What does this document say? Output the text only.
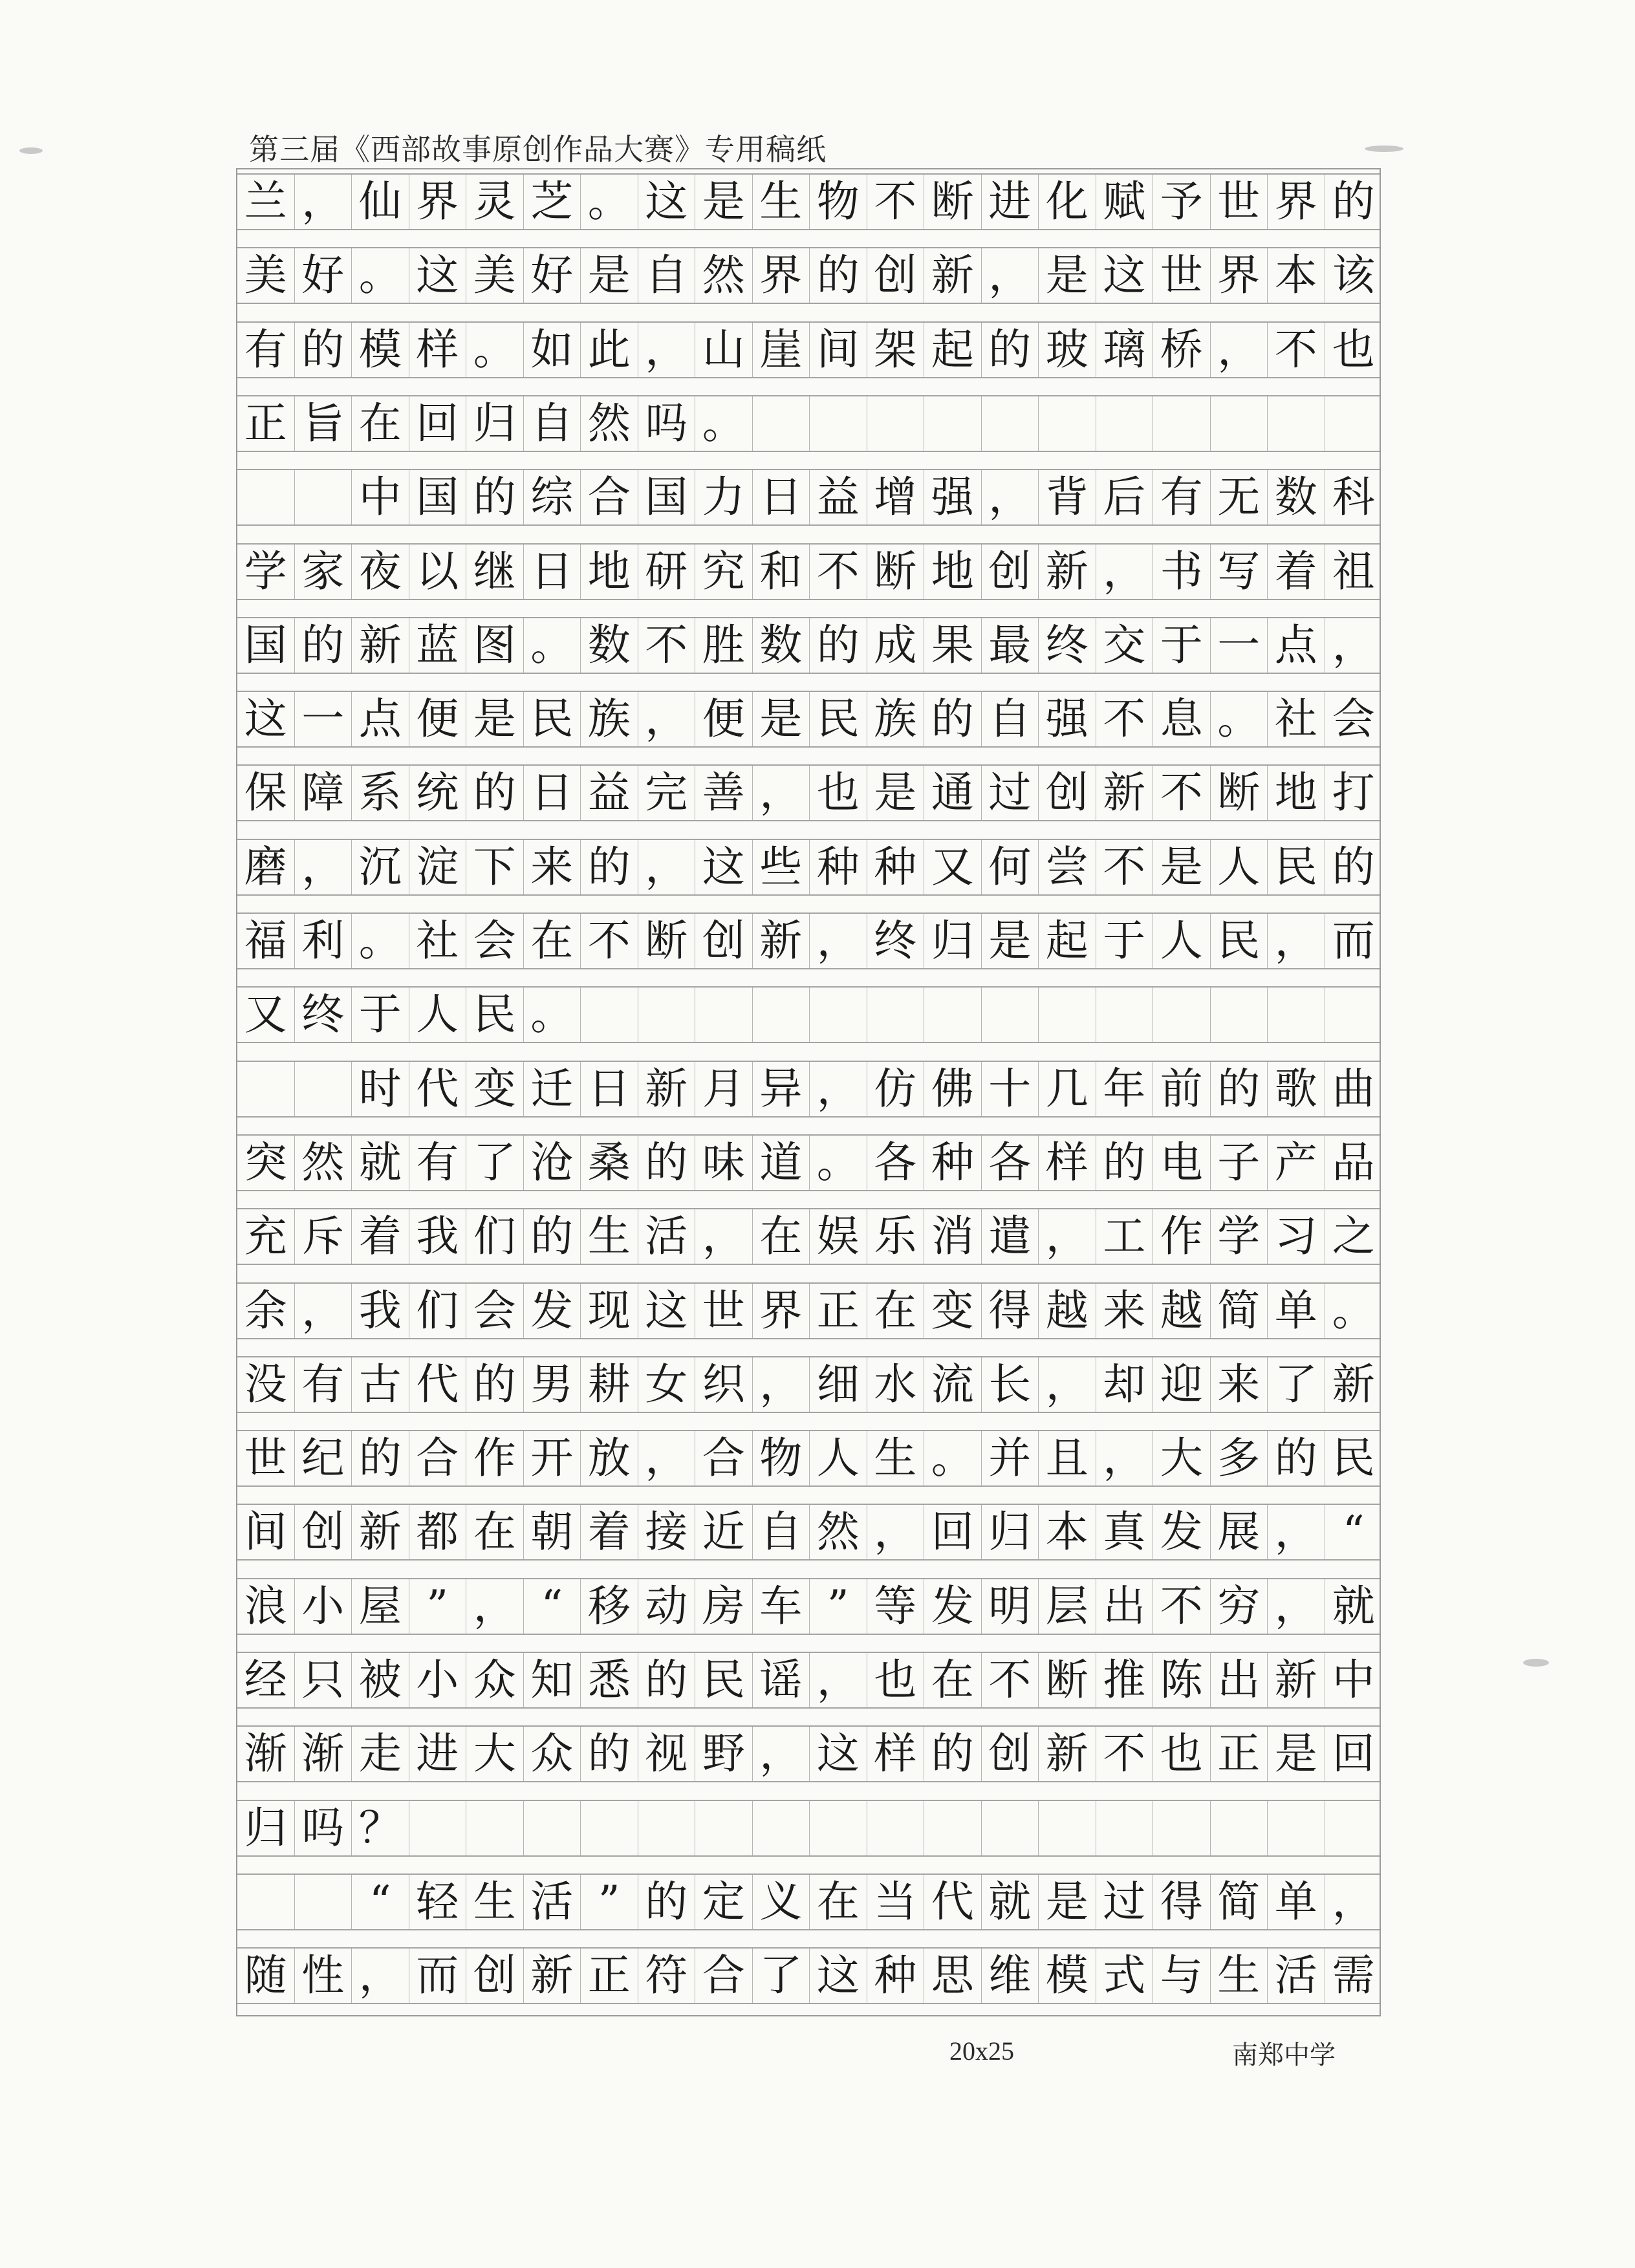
第三届《西部故事原创作品大赛》专用稿纸
兰 ， 仙 界 灵 芝 。 这 是 生 物 不 断 进 化 赋 予 世 界 的
美 好 。 这 美 好 是 自 然 界 的 创 新 ， 是 这 世 界 本 该
有 的 模 样 。 如 此 ， 山 崖 间 架 起 的 玻 璃 桥 ， 不 也
正 旨 在 回 归 自 然 吗 。
中 国 的 综 合 国 力 日 益 增 强 ， 背 后 有 无 数 科
学 家 夜 以 继 日 地 研 究 和 不 断 地 创 新 ， 书 写 着 祖
国 的 新 蓝 图 。 数 不 胜 数 的 成 果 最 终 交 于 一 点 ，
这 一 点 便 是 民 族 ， 便 是 民 族 的 自 强 不 息 。 社 会
保 障 系 统 的 日 益 完 善 ， 也 是 通 过 创 新 不 断 地 打
磨 ， 沉 淀 下 来 的 ， 这 些 种 种 又 何 尝 不 是 人 民 的
福 利 。 社 会 在 不 断 创 新 ， 终 归 是 起 于 人 民 ， 而
又 终 于 人 民 。
时 代 变 迁 日 新 月 异 ， 仿 佛 十 几 年 前 的 歌 曲
突 然 就 有 了 沧 桑 的 味 道 。 各 种 各 样 的 电 子 产 品
充 斥 着 我 们 的 生 活 ， 在 娱 乐 消 遣 ， 工 作 学 习 之
余 ， 我 们 会 发 现 这 世 界 正 在 变 得 越 来 越 简 单 。
没 有 古 代 的 男 耕 女 织 ， 细 水 流 长 ， 却 迎 来 了 新
世 纪 的 合 作 开 放 ， 合 物 人 生 。 并 且 ， 大 多 的 民
间 创 新 都 在 朝 着 接 近 自 然 ， 回 归 本 真 发 展 ， “
浪 小 屋 ” ， “ 移 动 房 车 ” 等 发 明 层 出 不 穷 ， 就
经 只 被 小 众 知 悉 的 民 谣 ， 也 在 不 断 推 陈 出 新 中
渐 渐 走 进 大 众 的 视 野 ， 这 样 的 创 新 不 也 正 是 回
归 吗 ？
“ 轻 生 活 ” 的 定 义 在 当 代 就 是 过 得 简 单 ，
随 性 ， 而 创 新 正 符 合 了 这 种 思 维 模 式 与 生 活 需
20x25	南郑中学
